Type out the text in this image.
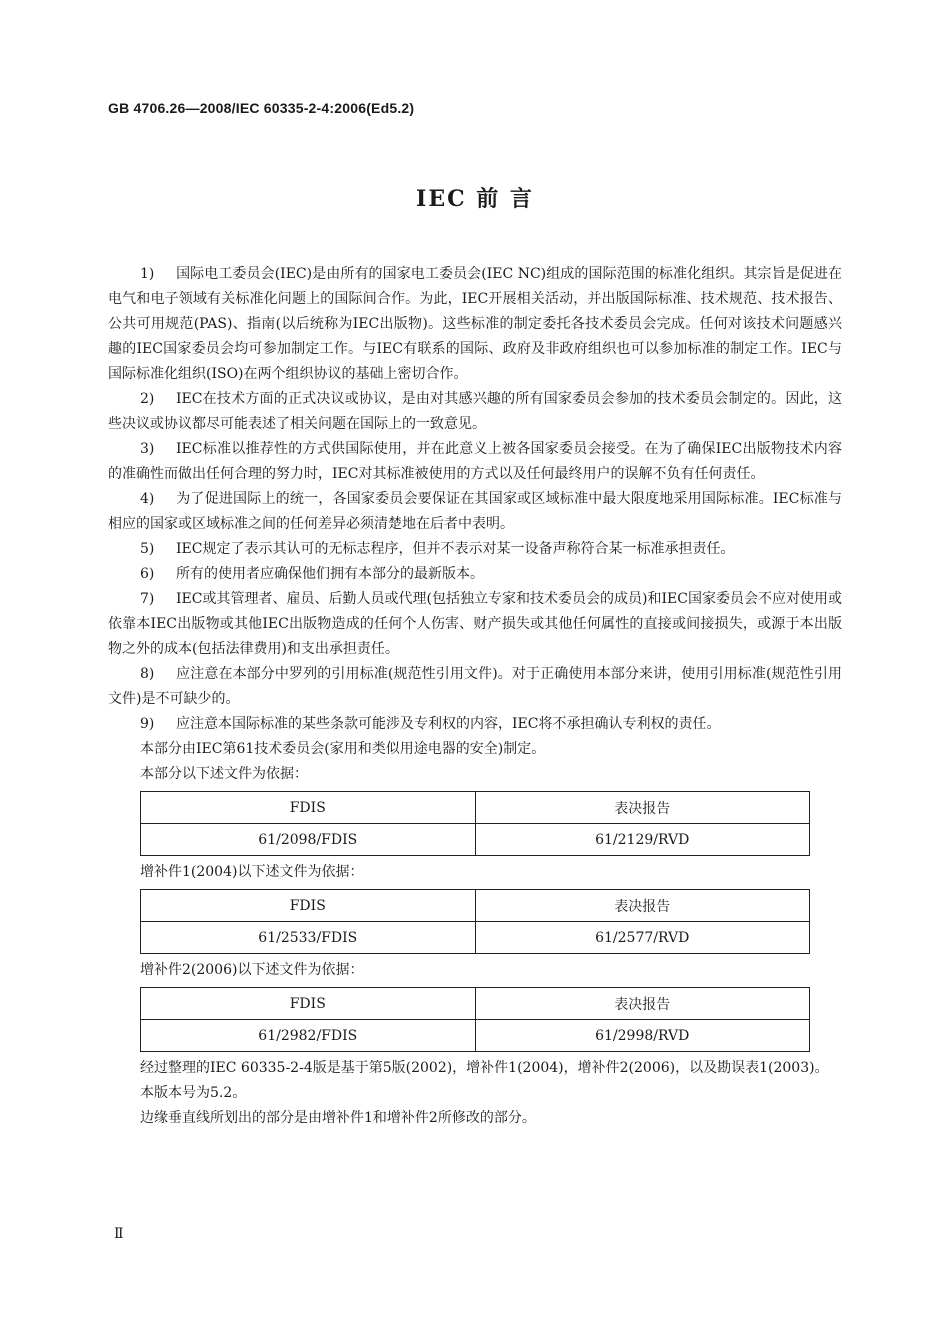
GB 4706.26—2008/IEC 60335-2-4:2006(Ed5.2)
IEC 前 言

1) 国际电工委员会(IEC)是由所有的国家电工委员会(IEC NC)组成的国际范围的标准化组织。其宗旨是促进在电气和电子领域有关标准化问题上的国际间合作。为此，IEC开展相关活动，并出版国际标准、技术规范、技术报告、公共可用规范(PAS)、指南(以后统称为IEC出版物)。这些标准的制定委托各技术委员会完成。任何对该技术问题感兴趣的IEC国家委员会均可参加制定工作。与IEC有联系的国际、政府及非政府组织也可以参加标准的制定工作。IEC与国际标准化组织(ISO)在两个组织协议的基础上密切合作。

2) IEC在技术方面的正式决议或协议，是由对其感兴趣的所有国家委员会参加的技术委员会制定的。因此，这些决议或协议都尽可能表述了相关问题在国际上的一致意见。

3) IEC标准以推荐性的方式供国际使用，并在此意义上被各国家委员会接受。在为了确保IEC出版物技术内容的准确性而做出任何合理的努力时，IEC对其标准被使用的方式以及任何最终用户的误解不负有任何责任。

4) 为了促进国际上的统一，各国家委员会要保证在其国家或区域标准中最大限度地采用国际标准。IEC标准与相应的国家或区域标准之间的任何差异必须清楚地在后者中表明。

5) IEC规定了表示其认可的无标志程序，但并不表示对某一设备声称符合某一标准承担责任。

6) 所有的使用者应确保他们拥有本部分的最新版本。

7) IEC或其管理者、雇员、后勤人员或代理(包括独立专家和技术委员会的成员)和IEC国家委员会不应对使用或依靠本IEC出版物或其他IEC出版物造成的任何个人伤害、财产损失或其他任何属性的直接或间接损失，或源于本出版物之外的成本(包括法律费用)和支出承担责任。

8) 应注意在本部分中罗列的引用标准(规范性引用文件)。对于正确使用本部分来讲，使用引用标准(规范性引用文件)是不可缺少的。

9) 应注意本国际标准的某些条款可能涉及专利权的内容，IEC将不承担确认专利权的责任。

本部分由IEC第61技术委员会(家用和类似用途电器的安全)制定。

本部分以下述文件为依据：

FDIS	表决报告
61/2098/FDIS	61/2129/RVD

增补件1(2004)以下述文件为依据：

FDIS	表决报告
61/2533/FDIS	61/2577/RVD

增补件2(2006)以下述文件为依据：

FDIS	表决报告
61/2982/FDIS	61/2998/RVD

经过整理的IEC 60335-2-4版是基于第5版(2002)，增补件1(2004)，增补件2(2006)，以及勘误表1(2003)。

本版本号为5.2。

边缘垂直线所划出的部分是由增补件1和增补件2所修改的部分。

Ⅱ
